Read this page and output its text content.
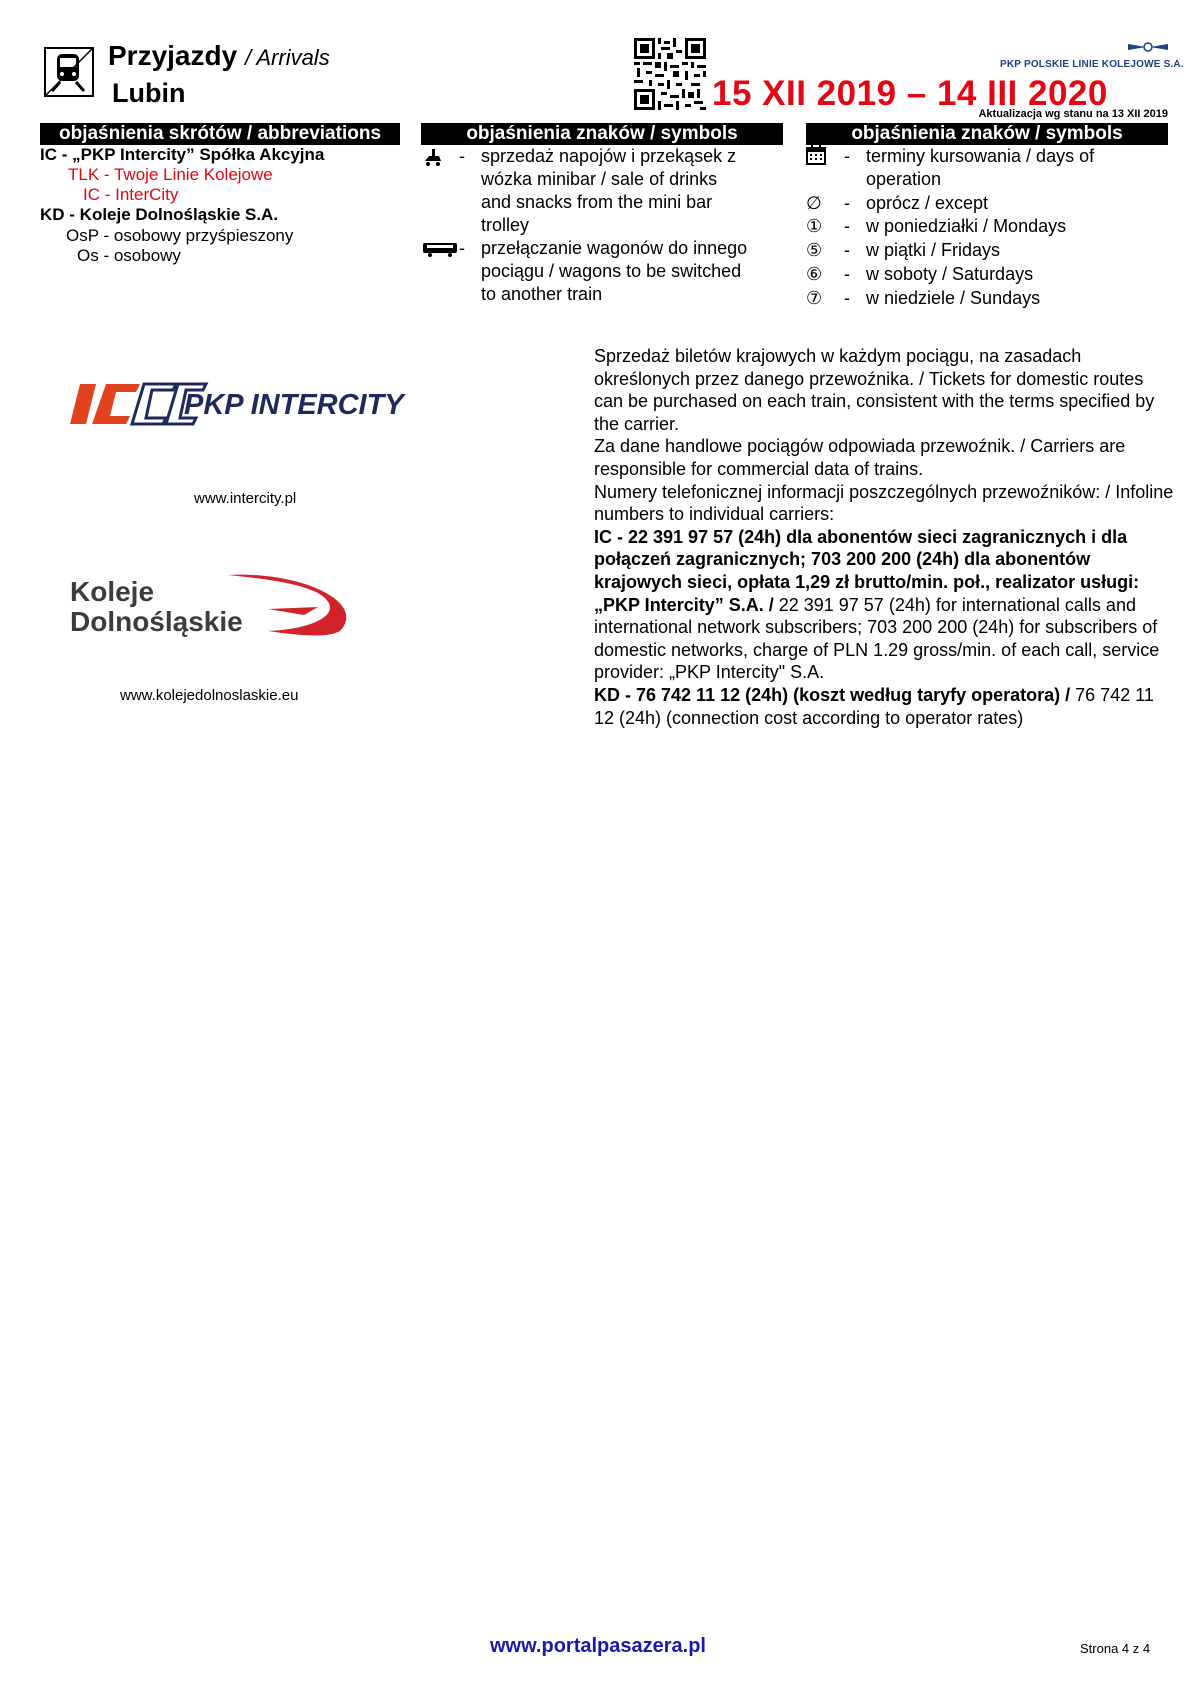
Przyjazdy / Arrivals
Lubin
PKP POLSKIE LINIE KOLEJOWE S.A.
15 XII 2019 – 14 III 2020
Aktualizacja wg stanu na 13 XII 2019
objaśnienia skrótów / abbreviations
IC - „PKP Intercity” Spółka Akcyjna
TLK - Twoje Linie Kolejowe
IC - InterCity
KD - Koleje Dolnośląskie S.A.
OsP - osobowy przyśpieszony
Os - osobowy
objaśnienia znaków / symbols
- sprzedaż napojów i przekąsek z
wózka minibar / sale of drinks
and snacks from the mini bar
trolley
- przełączanie wagonów do innego
pociągu / wagons to be switched
to another train
objaśnienia znaków / symbols
- terminy kursowania / days of
operation
∅	- oprócz / except
①	- w poniedziałki / Mondays
⑤	- w piątki / Fridays
⑥	- w soboty / Saturdays
⑦	- w niedziele / Sundays
PKP INTERCITY
www.intercity.pl
Koleje
Dolnośląskie
www.kolejedolnoslaskie.eu

Sprzedaż biletów krajowych w każdym pociągu, na zasadach określonych przez danego przewoźnika. / Tickets for domestic routes can be purchased on each train, consistent with the terms specified by the carrier.

Za dane handlowe pociągów odpowiada przewoźnik. / Carriers are responsible for commercial data of trains.

Numery telefonicznej informacji poszczególnych przewoźników: / Infoline numbers to individual carriers:

IC - 22 391 97 57 (24h) dla abonentów sieci zagranicznych i dla połączeń zagranicznych; 703 200 200 (24h) dla abonentów krajowych sieci, opłata 1,29 zł brutto/min. poł., realizator usługi: „PKP Intercity” S.A. / 22 391 97 57 (24h) for international calls and international network subscribers; 703 200 200 (24h) for subscribers of domestic networks, charge of PLN 1.29 gross/min. of each call, service provider: „PKP Intercity" S.A.

KD - 76 742 11 12 (24h) (koszt według taryfy operatora) / 76 742 11 12 (24h) (connection cost according to operator rates)

www.portalpasazera.pl	Strona 4 z 4
